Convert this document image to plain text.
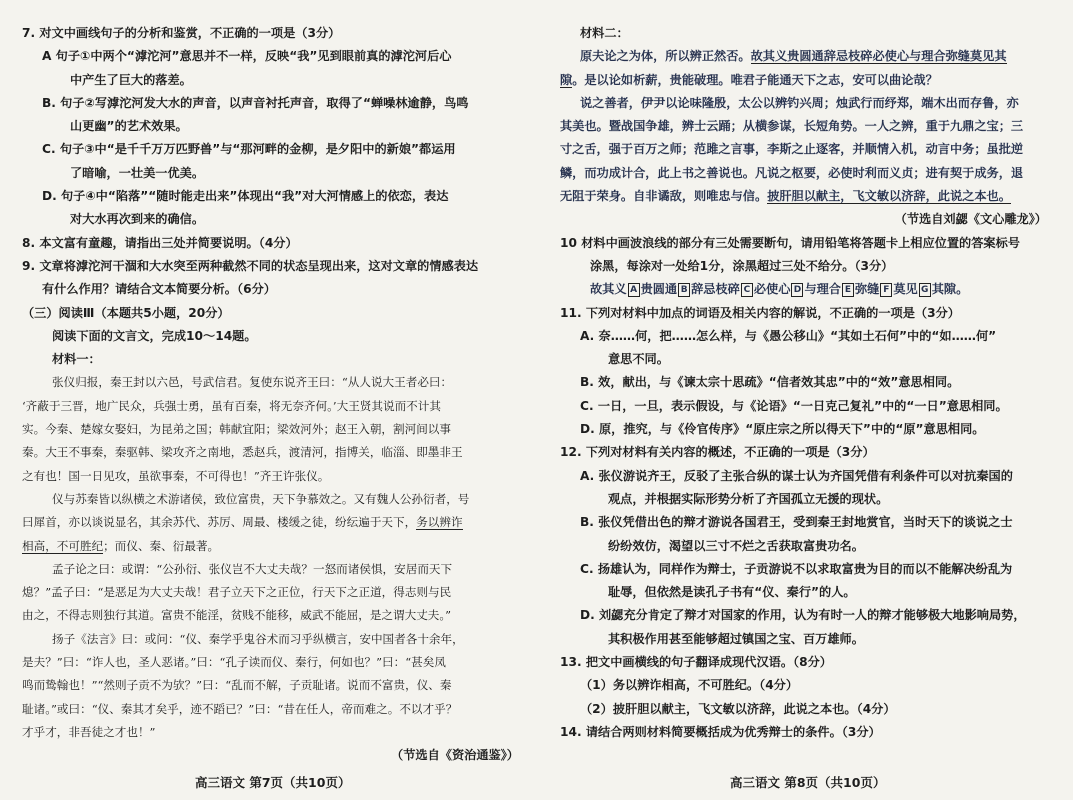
7. 对文中画线句子的分析和鉴赏，不正确的一项是（3分）
A 句子①中两个“滹沱河”意思并不一样，反映“我”见到眼前真的滹沱河后心
中产生了巨大的落差。
B. 句子②写滹沱河发大水的声音，以声音衬托声音，取得了“蝉噪林逾静，鸟鸣
山更幽”的艺术效果。
C. 句子③中“是千千万万匹野兽”与“那河畔的金柳，是夕阳中的新娘”都运用
了暗喻，一壮美一优美。
D. 句子④中“陷落”“随时能走出来”体现出“我”对大河情感上的依恋，表达
对大水再次到来的确信。
8. 本文富有童趣，请指出三处并简要说明。（4分）
9. 文章将滹沱河干涸和大水突至两种截然不同的状态呈现出来，这对文章的情感表达
有什么作用？请结合文本简要分析。（6分）
（三）阅读Ⅲ（本题共5小题，20分）
阅读下面的文言文，完成10～14题。
材料一：
张仪归报，秦王封以六邑，号武信君。复使东说齐王曰：“从人说大王者必曰：
‘齐蔽于三晋，地广民众，兵强士勇，虽有百秦，将无奈齐何。’大王贤其说而不计其
实。今秦、楚嫁女娶妇，为昆弟之国；韩献宜阳；梁效河外；赵王入朝，割河间以事
秦。大王不事秦，秦驱韩、梁攻齐之南地，悉赵兵，渡清河，指博关，临淄、即墨非王
之有也！国一日见攻，虽欲事秦，不可得也！”齐王许张仪。
仪与苏秦皆以纵横之术游诸侯，致位富贵，天下争慕效之。又有魏人公孙衍者，号
曰犀首，亦以谈说显名，其余苏代、苏厉、周最、楼缓之徒，纷纭遍于天下，务以辨诈
相高，不可胜纪；而仪、秦、衍最著。
孟子论之曰：或谓：“公孙衍、张仪岂不大丈夫哉？一怒而诸侯惧，安居而天下
熄？”孟子曰：“是恶足为大丈夫哉！君子立天下之正位，行天下之正道，得志则与民
由之，不得志则独行其道。富贵不能淫，贫贱不能移，威武不能屈，是之谓大丈夫。”
扬子《法言》曰：或问：“仪、秦学乎鬼谷术而习乎纵横言，安中国者各十余年，
是夫？”曰：“诈人也，圣人恶诸。”曰：“孔子读而仪、秦行，何如也？”曰：“甚矣凤
鸣而鸷翰也！”“然则子贡不为欤？”曰：“乱而不解，子贡耻诸。说而不富贵，仪、秦
耻诸。”或曰：“仪、秦其才矣乎，迹不蹈已？”曰：“昔在任人，帝而难之。不以才乎？
才乎才，非吾徒之才也！”
（节选自《资治通鉴》）
材料二：
原夫论之为体，所以辨正然否。故其义贵圆通辞忌枝碎必使心与理合弥缝莫见其
隙。是以论如析薪，贵能破理。唯君子能通天下之志，安可以曲论哉？
说之善者，伊尹以论味隆殷，太公以辨钓兴周；烛武行而纾郑，端木出而存鲁，亦
其美也。暨战国争雄，辨士云踊；从横参谋，长短角势。一人之辨，重于九鼎之宝；三
寸之舌，强于百万之师；范雎之言事，李斯之止逐客，并顺情入机，动言中务；虽批逆
鳞，而功成计合，此上书之善说也。凡说之枢要，必使时利而义贞；进有契于成务，退
无阻于荣身。自非谲敌，则唯忠与信。披肝胆以献主，飞文敏以济辞，此说之本也。
（节选自刘勰《文心雕龙》）
10 材料中画波浪线的部分有三处需要断句，请用铅笔将答题卡上相应位置的答案标号
涂黑，每涂对一处给1分，涂黑超过三处不给分。（3分）
故其义 A 贵圆通 B 辞忌枝碎 C 必使心 D 与理合 E 弥缝 F 莫见 G 其隙。
11. 下列对材料中加点的词语及相关内容的解说，不正确的一项是（3分）
A. 奈……何，把……怎么样，与《愚公移山》“其如土石何”中的“如……何”
意思不同。
B. 效，献出，与《谏太宗十思疏》“信者效其忠”中的“效”意思相同。
C. 一日，一旦，表示假设，与《论语》“一日克己复礼”中的“一日”意思相同。
D. 原，推究，与《伶官传序》“原庄宗之所以得天下”中的“原”意思相同。
12. 下列对材料有关内容的概述，不正确的一项是（3分）
A. 张仪游说齐王，反驳了主张合纵的谋士认为齐国凭借有利条件可以对抗秦国的
观点，并根据实际形势分析了齐国孤立无援的现状。
B. 张仪凭借出色的辩才游说各国君王，受到秦王封地赏官，当时天下的谈说之士
纷纷效仿，渴望以三寸不烂之舌获取富贵功名。
C. 扬雄认为，同样作为辩士，子贡游说不以求取富贵为目的而以不能解决纷乱为
耻辱，但依然是读孔子书有“仪、秦行”的人。
D. 刘勰充分肯定了辩才对国家的作用，认为有时一人的辩才能够极大地影响局势，
其积极作用甚至能够超过镇国之宝、百万雄师。
13. 把文中画横线的句子翻译成现代汉语。（8分）
（1）务以辨诈相高，不可胜纪。（4分）
（2）披肝胆以献主，飞文敏以济辞，此说之本也。（4分）
14. 请结合两则材料简要概括成为优秀辩士的条件。（3分）
高三语文 第7页（共10页）	高三语文 第8页（共10页）
